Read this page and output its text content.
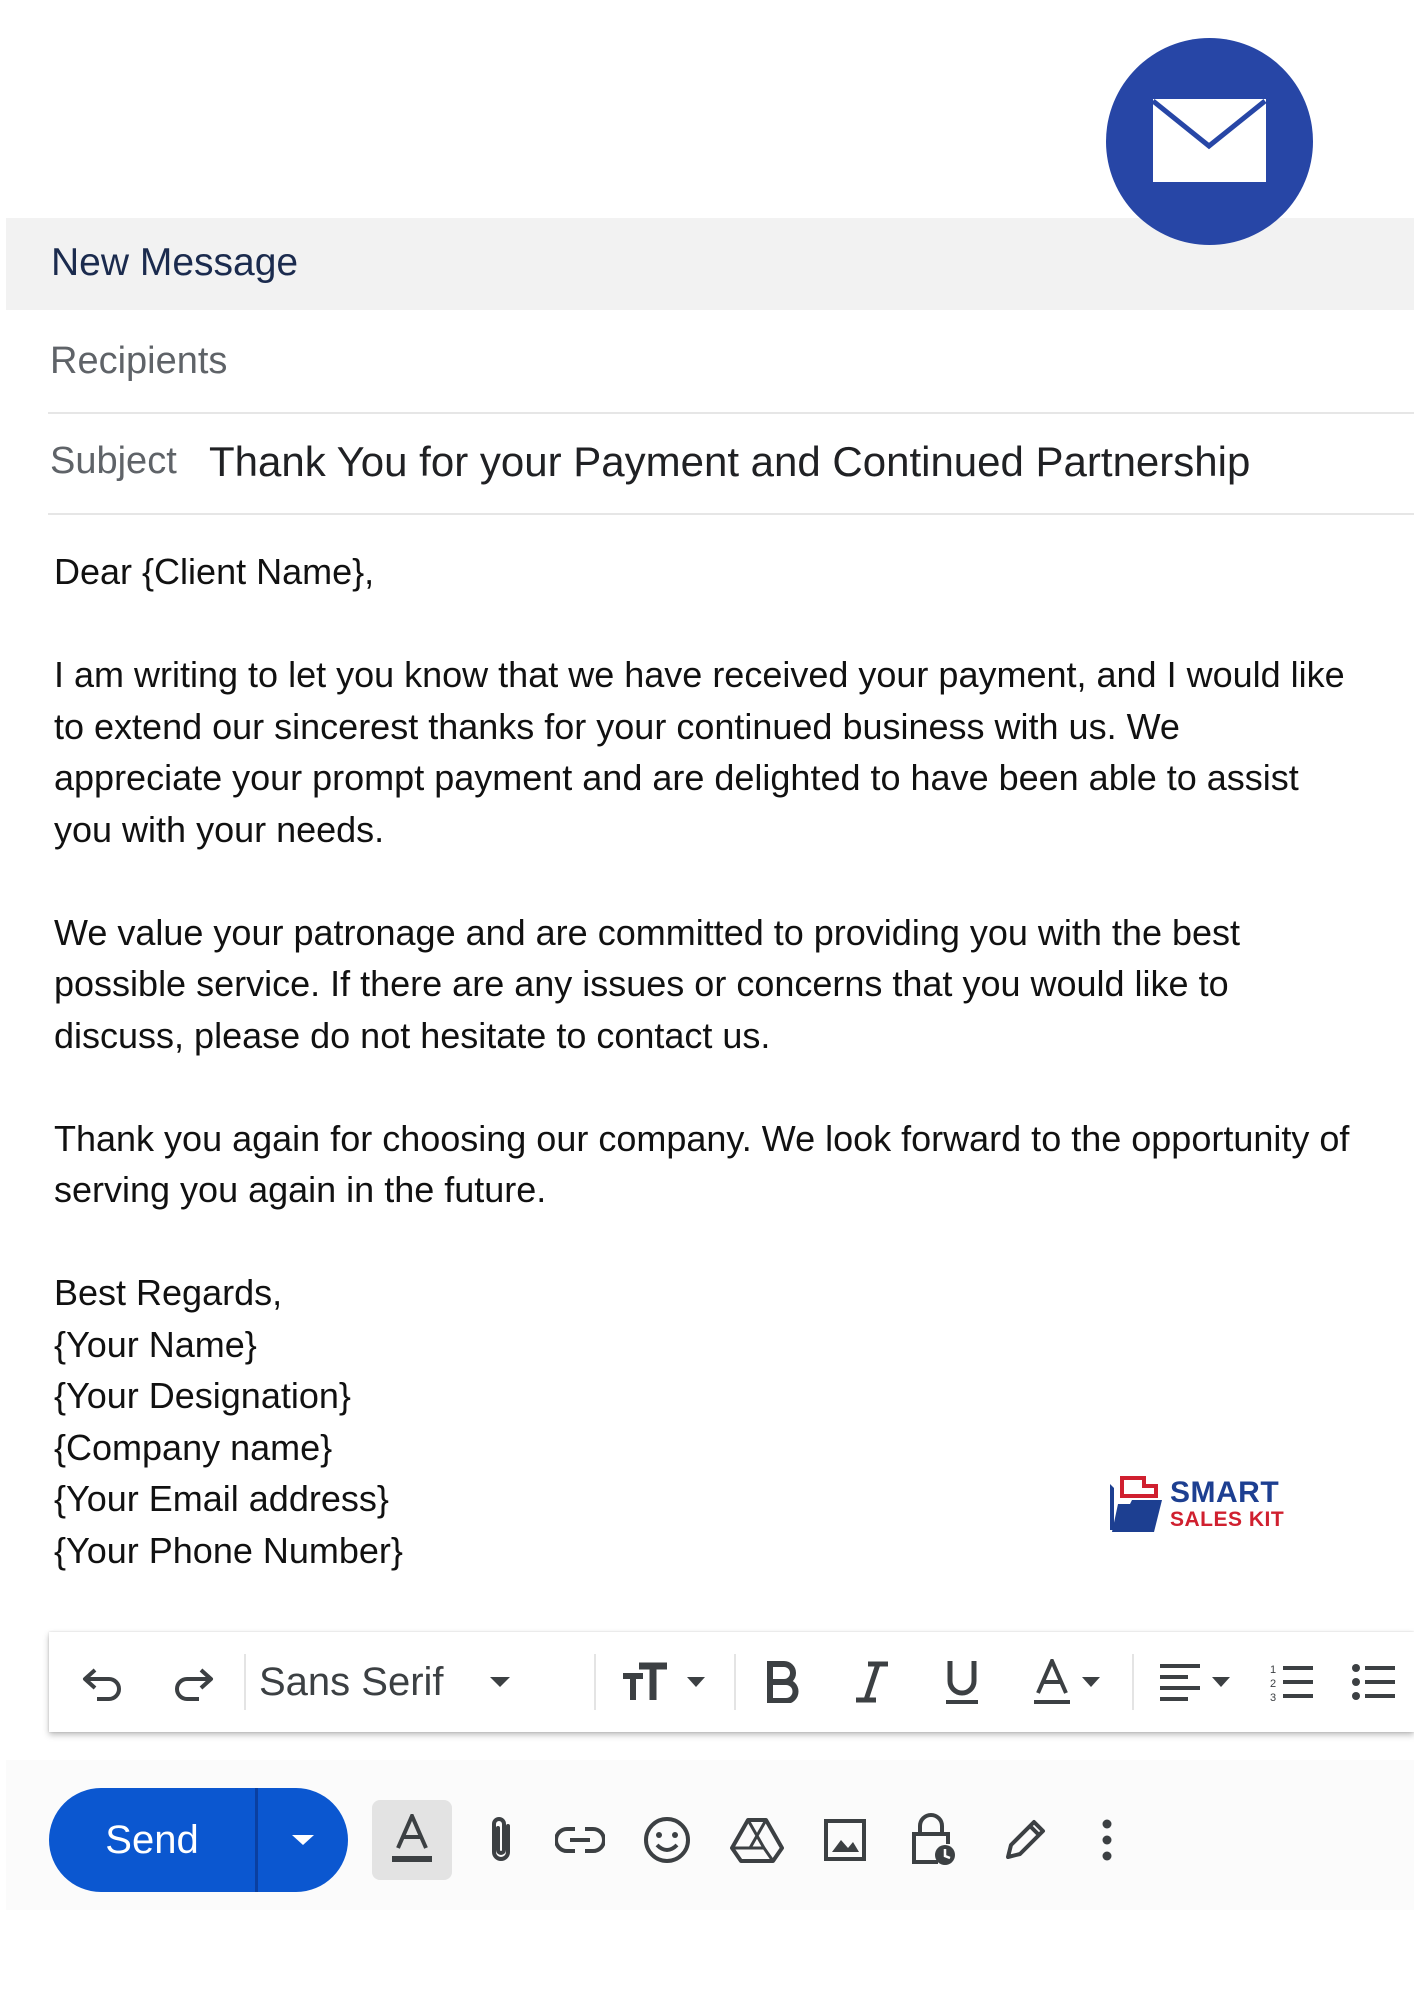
New Message
Recipients
Subject Thank You for your Payment and Continued Partnership

Dear {Client Name},

I am writing to let you know that we have received your payment, and I would like to extend our sincerest thanks for your continued business with us. We appreciate your prompt payment and are delighted to have been able to assist you with your needs.

We value your patronage and are committed to providing you with the best possible service. If there are any issues or concerns that you would like to discuss, please do not hesitate to contact us.

Thank you again for choosing our company. We look forward to the opportunity of serving you again in the future.

Best Regards,

{Your Name}

{Your Designation}

{Company name}

{Your Email address}

{Your Phone Number}

SMART
SALES KIT
Sans Serif	1
2
3
Send
